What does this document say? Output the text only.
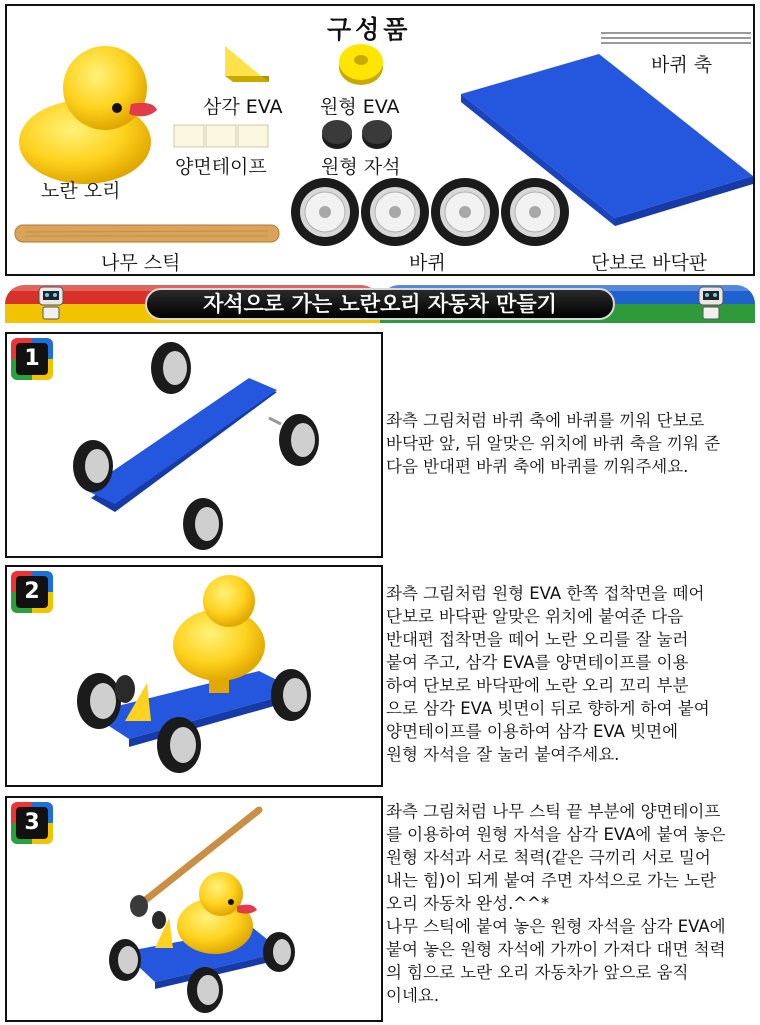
구성품
노란 오리
삼각 EVA 원형 EVA
양면테이프	원형 자석
바퀴
나무 스틱
바퀴 축
단보로 바닥판
자석으로 가는 노란오리 자동차 만들기
1

좌측 그림처럼 바퀴 축에 바퀴를 끼워 단보로

바닥판 앞, 뒤 알맞은 위치에 바퀴 축을 끼워 준

다음 반대편 바퀴 축에 바퀴를 끼워주세요.

2	좌측 그림처럼 원형 EVA 한쪽 접착면을 떼어

단보로 바닥판 알맞은 위치에 붙여준 다음

반대편 접착면을 떼어 노란 오리를 잘 눌러

붙여 주고, 삼각 EVA를 양면테이프를 이용

하여 단보로 바닥판에 노란 오리 꼬리 부분

으로 삼각 EVA 빗면이 뒤로 향하게 하여 붙여

양면테이프를 이용하여 삼각 EVA 빗면에

원형 자석을 잘 눌러 붙여주세요.

3	좌측 그림처럼 나무 스틱 끝 부분에 양면테이프

를 이용하여 원형 자석을 삼각 EVA에 붙여 놓은

원형 자석과 서로 척력(같은 극끼리 서로 밀어

내는 힘)이 되게 붙여 주면 자석으로 가는 노란

오리 자동차 완성.^^*

나무 스틱에 붙여 놓은 원형 자석을 삼각 EVA에

붙여 놓은 원형 자석에 가까이 가져다 대면 척력

의 힘으로 노란 오리 자동차가 앞으로 움직

이네요.
